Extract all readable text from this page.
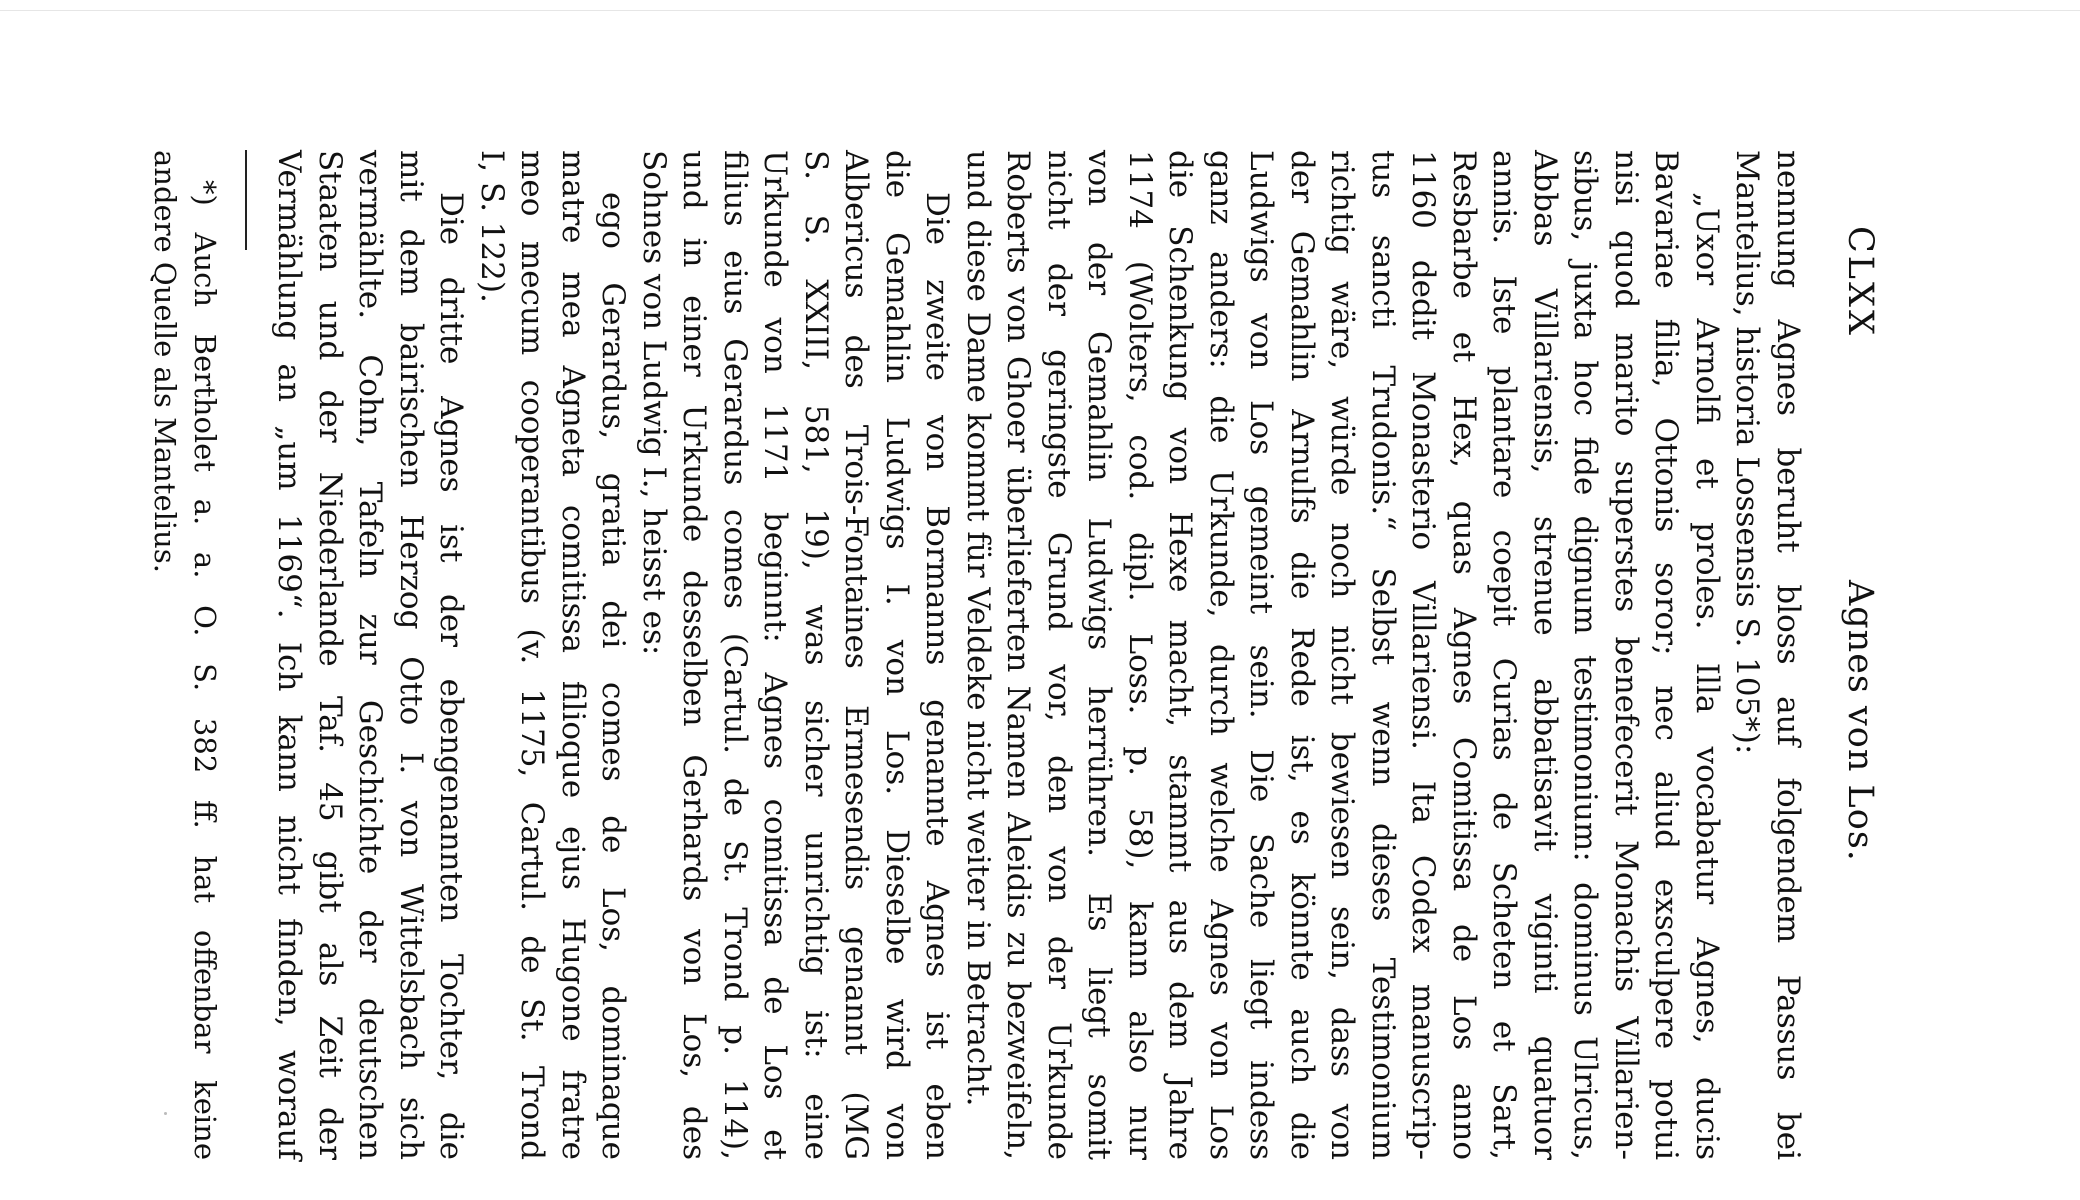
CLXX
Agnes von Los.
nennung Agnes beruht bloss auf folgendem Passus bei
Mantelius, historia Lossensis S. 105*):
„Uxor Arnolfi et proles. Illa vocabatur Agnes, ducis
Bavariae filia, Ottonis soror; nec aliud exsculpere potui
nisi quod marito superstes benefecerit Monachis Villarien-
sibus, juxta hoc fide dignum testimonium: dominus Ulricus,
Abbas Villariensis, strenue abbatisavit viginti quatuor
annis. Iste plantare coepit Curias de Scheten et Sart,
Resbarbe et Hex, quas Agnes Comitissa de Los anno
1160 dedit Monasterio Villariensi. Ita Codex manuscrip-
tus sancti Trudonis.“ Selbst wenn dieses Testimonium
richtig wäre, würde noch nicht bewiesen sein, dass von
der Gemahlin Arnulfs die Rede ist, es könnte auch die
Ludwigs von Los gemeint sein. Die Sache liegt indess
ganz anders: die Urkunde, durch welche Agnes von Los
die Schenkung von Hexe macht, stammt aus dem Jahre
1174 (Wolters, cod. dipl. Loss. p. 58), kann also nur
von der Gemahlin Ludwigs herrühren. Es liegt somit
nicht der geringste Grund vor, den von der Urkunde
Roberts von Ghoer überlieferten Namen Aleidis zu bezweifeln,
und diese Dame kommt für Veldeke nicht weiter in Betracht.
Die zweite von Bormanns genannte Agnes ist eben
die Gemahlin Ludwigs I. von Los. Dieselbe wird von
Albericus des Trois-Fontaines Ermesendis genannt (MG
S. S. XXIII, 581, 19), was sicher unrichtig ist: eine
Urkunde von 1171 beginnt: Agnes comitissa de Los et
filius eius Gerardus comes (Cartul. de St. Trond p. 114),
und in einer Urkunde desselben Gerhards von Los, des
Sohnes von Ludwig I., heisst es:
ego Gerardus, gratia dei comes de Los, dominaque
matre mea Agneta comitissa filioque ejus Hugone fratre
meo mecum cooperantibus (v. 1175, Cartul. de St. Trond
I, S. 122).
Die dritte Agnes ist der ebengenannten Tochter, die
mit dem bairischen Herzog Otto I. von Wittelsbach sich
vermählte. Cohn, Tafeln zur Geschichte der deutschen
Staaten und der Niederlande Taf. 45 gibt als Zeit der
Vermählung an „um 1169“. Ich kann nicht finden, worauf
*) Auch Bertholet a. a. O. S. 382 ff. hat offenbar keine
andere Quelle als Mantelius.
